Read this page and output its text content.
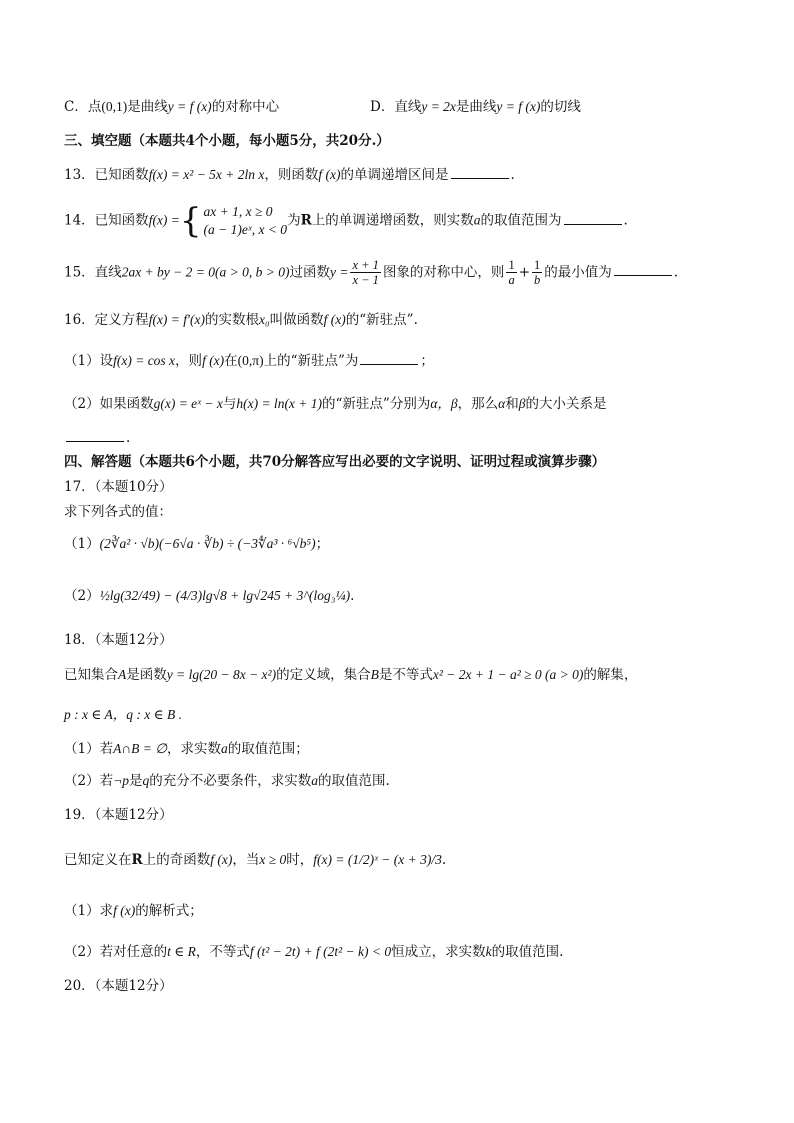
C．点(0,1)是曲线y = f (x)的对称中心	D．直线y = 2x是曲线y = f (x)的切线
三、填空题（本题共4个小题，每小题5分，共20分.）
13．已知函数f(x) = x² − 5x + 2ln x，则函数f (x)的单调递增区间是	.
14．已知函数f(x) ={ ax + 1, x ≥ 0
(a − 1)eˣ, x < 0
为R上的单调递增函数，则实数a的取值范围为	.
15．直线2ax + by − 2 = 0(a > 0, b > 0)过函数$y = \frac{x + 1}{x - 1}$ 图象的对称中心，则 $\frac{1}{a} + \frac{1}{b}$ 的最小值为	.
16．定义方程f(x) = f′(x)的实数根x₀叫做函数f (x)的“新驻点”.
（1）设f(x) = cos x，则f (x)在(0,π)上的“新驻点”为	；
（2）如果函数g(x) = eˣ − x与h(x) = ln(x + 1)的“新驻点”分别为α，β，那么α和β的大小关系是
.
四、解答题（本题共6个小题，共70分解答应写出必要的文字说明、证明过程或演算步骤）
17．（本题10分）
求下列各式的值：
（1）(2∛a² · √b)(−6√a · ∛b) ÷ (−3∜a³ · ⁶√b⁵)；
（2）½lg(32/49) − (4/3)lg√8 + lg√245 + 3^(log₃¼).
18．（本题12分）
已知集合A是函数y = lg(20 − 8x − x²)的定义域，集合B是不等式x² − 2x + 1 − a² ≥ 0 (a > 0)的解集，
p : x ∈ A，q : x ∈ B .
（1）若A∩B = ∅，求实数a的取值范围；
（2）若¬p是q的充分不必要条件，求实数a的取值范围.
19．（本题12分）
已知定义在R上的奇函数f (x)，当x ≥ 0时，f(x) = (1/2)ˣ − (x + 3)/3.
（1）求f (x)的解析式；
（2）若对任意的t ∈ R，不等式f (t² − 2t) + f (2t² − k) < 0恒成立，求实数k的取值范围.
20．（本题12分）
